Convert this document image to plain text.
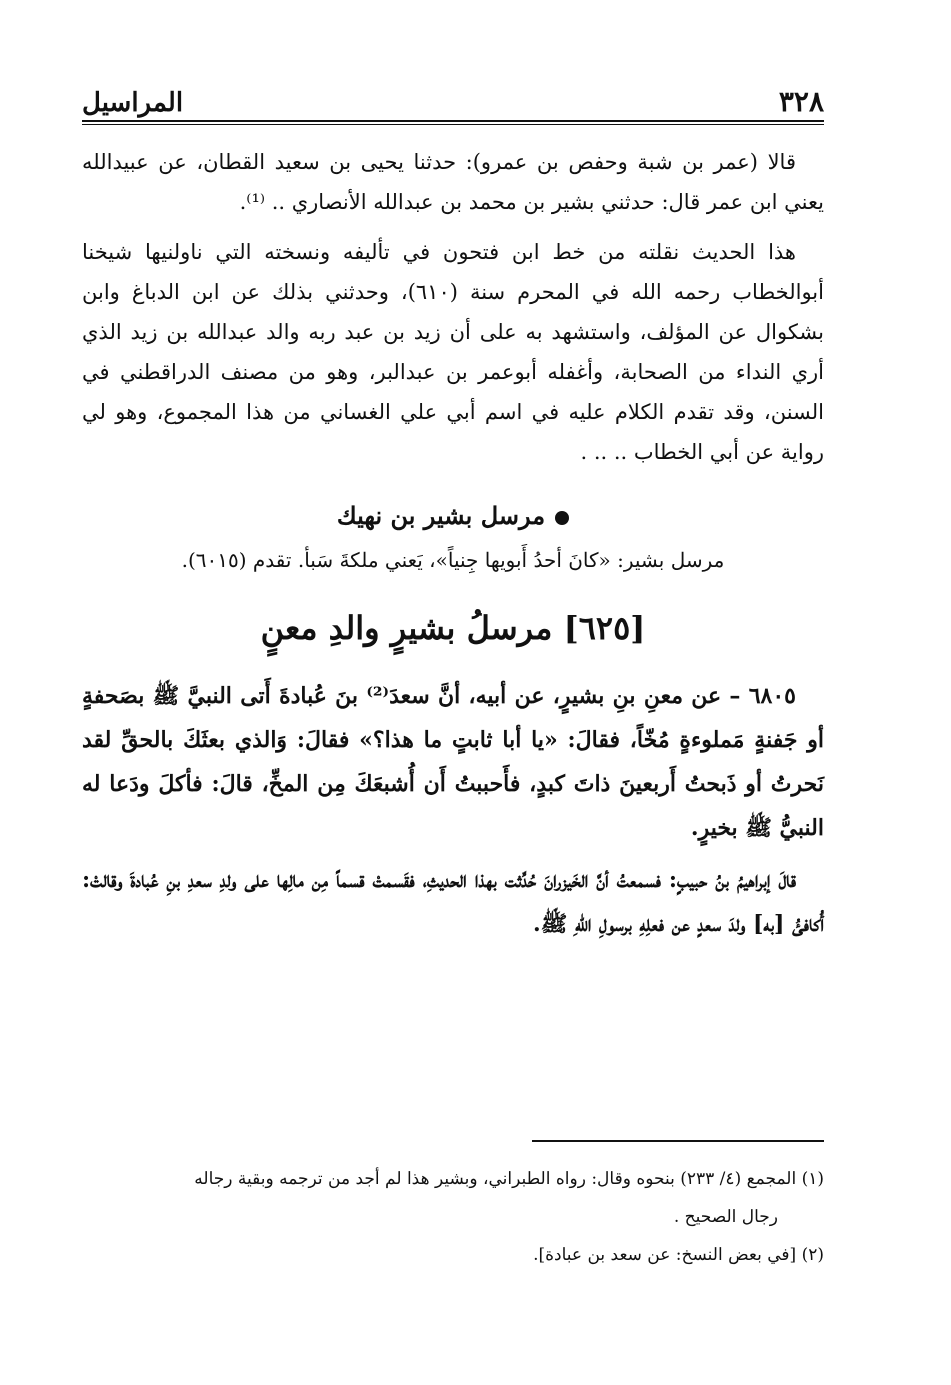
٣٢٨
المراسيل

قالا (عمر بن شبة وحفص بن عمرو): حدثنا يحيى بن سعيد القطان، عن عبيدالله يعني ابن عمر قال: حدثني بشير بن محمد بن عبدالله الأنصاري .. ⁽¹⁾.

هذا الحديث نقلته من خط ابن فتحون في تأليفه ونسخته التي ناولنيها شيخنا أبوالخطاب رحمه الله في المحرم سنة (٦١٠)، وحدثني بذلك عن ابن الدباغ وابن بشكوال عن المؤلف، واستشهد به على أن زيد بن عبد ربه والد عبدالله بن زيد الذي أري النداء من الصحابة، وأغفله أبوعمر بن عبدالبر، وهو من مصنف الدراقطني في السنن، وقد تقدم الكلام عليه في اسم أبي علي الغساني من هذا المجموع، وهو لي رواية عن أبي الخطاب .. .. .

مرسل بشير بن نهيك
مرسل بشير: «كانَ أحدُ أَبويها جِنياً»، يَعني ملكةَ سَبأ. تقدم (٦٠١٥).
[٦٢٥] مرسلُ بشيرٍ والدِ معنٍ

٦٨٠٥ – عن معنِ بنِ بشيرٍ، عن أبيه، أنَّ سعدَ⁽²⁾ بنَ عُبادةَ أَتى النبيَّ ﷺ بصَحفةٍ أو جَفنةٍ مَملوءةٍ مُخّاً، فقالَ: «يا أبا ثابتٍ ما هذا؟» فقالَ: وَالذي بعثَكَ بالحقِّ لقد نَحرتُ أو ذَبحتُ أَربعينَ ذاتَ كبدٍ، فأَحببتُ أَن أُشبعَكَ مِن المخِّ، قالَ: فأكلَ ودَعا له النبيُّ ﷺ بخيرٍ.

قالَ إبراهيمُ بنُ حبيبٍ: فسمعتُ أنَّ الخَيزرانَ حُدِّثت بهذا الحديثِ، فقَسمتْ قسماً مِن مالِها على ولدِ سعدِ بنِ عُبادةَ وقالتْ: أُكافئُ [به] ولدَ سعدٍ عن فعلِهِ برسولِ اللهِ ﷺ.

(١) المجمع (٤/ ٢٣٣) بنحوه وقال: رواه الطبراني، وبشير هذا لم أجد من ترجمه وبقية رجاله

رجال الصحيح .

(٢) [في بعض النسخ: عن سعد بن عبادة].
